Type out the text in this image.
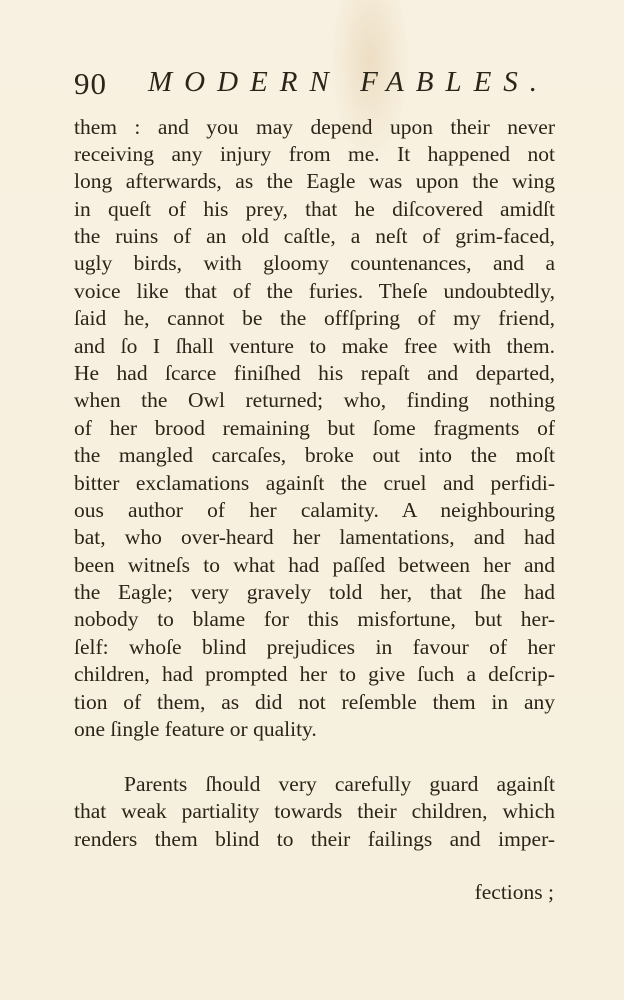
90 MODERN FABLES.
them : and you may depend upon their never
receiving any injury from me. It happened not
long afterwards, as the Eagle was upon the wing
in queſt of his prey, that he diſcovered amidſt
the ruins of an old caſtle, a neſt of grim-faced,
ugly birds, with gloomy countenances, and a
voice like that of the furies. Theſe undoubtedly,
ſaid he, cannot be the offſpring of my friend,
and ſo I ſhall venture to make free with them.
He had ſcarce finiſhed his repaſt and departed,
when the Owl returned; who, finding nothing
of her brood remaining but ſome fragments of
the mangled carcaſes, broke out into the moſt
bitter exclamations againſt the cruel and perfidi-
ous author of her calamity. A neighbouring
bat, who over-heard her lamentations, and had
been witneſs to what had paſſed between her and
the Eagle; very gravely told her, that ſhe had
nobody to blame for this misfortune, but her-
ſelf: whoſe blind prejudices in favour of her
children, had prompted her to give ſuch a deſcrip-
tion of them, as did not reſemble them in any
one ſingle feature or quality.
Parents ſhould very carefully guard againſt
that weak partiality towards their children, which
renders them blind to their failings and imper-
fections ;
